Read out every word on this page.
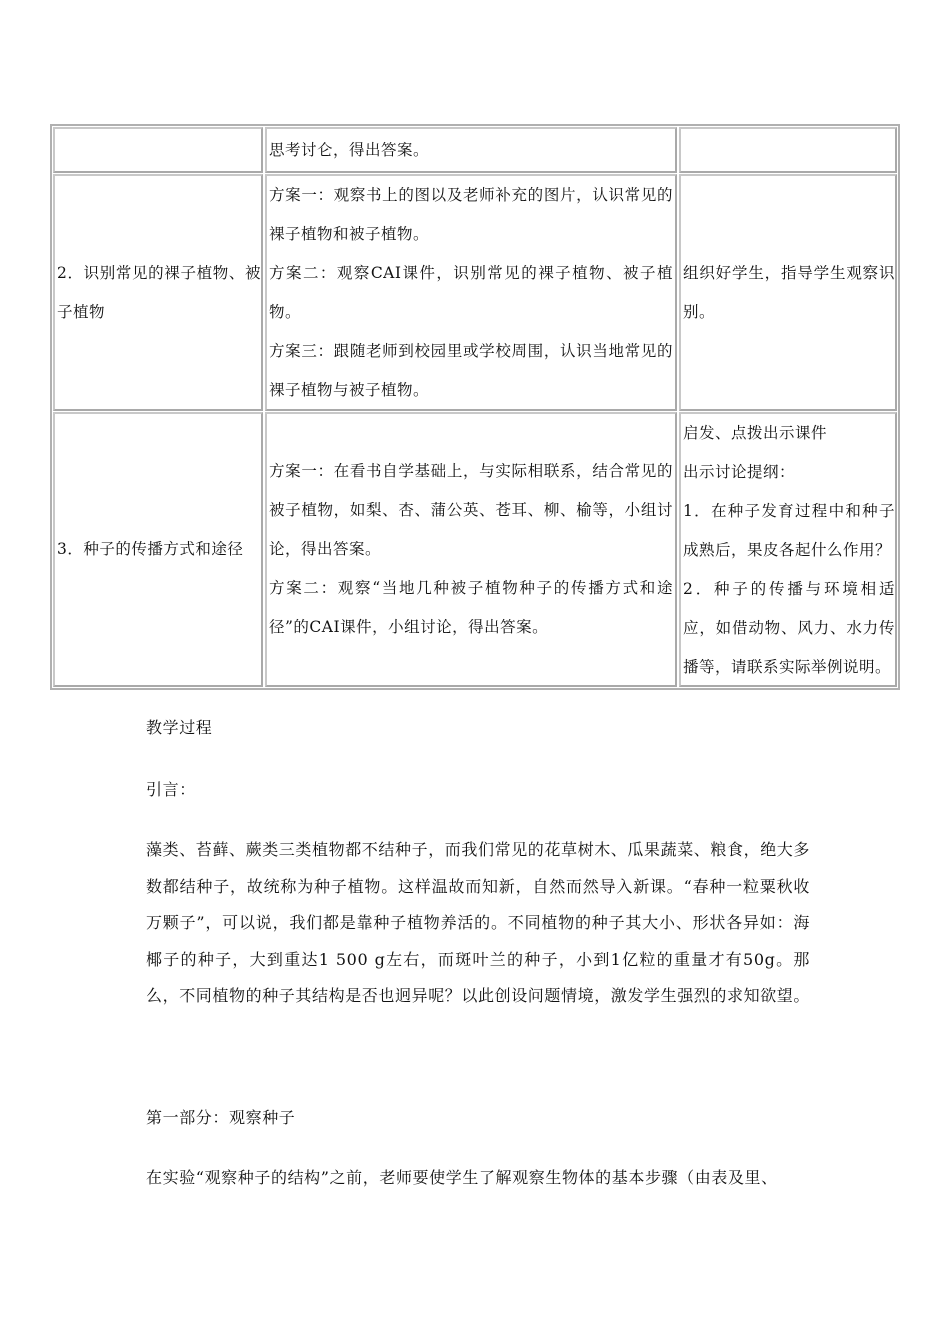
思考讨仑，得出答案。
2．识别常见的裸子植物、被子植物
方案一：观察书上的图以及老师补充的图片，认识常见的裸子植物和被子植物。
方案二：观察CAI课件，识别常见的裸子植物、被子植物。
方案三：跟随老师到校园里或学校周围，认识当地常见的裸子植物与被子植物。
组织好学生，指导学生观察识别。
3．种子的传播方式和途径
方案一：在看书自学基础上，与实际相联系，结合常见的被子植物，如梨、杏、蒲公英、苍耳、柳、榆等，小组讨论，得出答案。
方案二：观察“当地几种被子植物种子的传播方式和途径”的CAI课件，小组讨论，得出答案。
启发、点拨出示课件
出示讨论提纲：
1．在种子发育过程中和种子成熟后，果皮各起什么作用？
2．种子的传播与环境相适应，如借动物、风力、水力传播等，请联系实际举例说明。
教学过程
引言：
藻类、苔藓、蕨类三类植物都不结种子，而我们常见的花草树木、瓜果蔬菜、粮食，绝大多数都结种子，故统称为种子植物。这样温故而知新，自然而然导入新课。“春种一粒粟秋收万颗子”，可以说，我们都是靠种子植物养活的。不同植物的种子其大小、形状各异如：海椰子的种子，大到重达1 500 g左右，而斑叶兰的种子，小到1亿粒的重量才有50g。那么，不同植物的种子其结构是否也迥异呢？以此创设问题情境，激发学生强烈的求知欲望。
第一部分：观察种子
在实验“观察种子的结构”之前，老师要使学生了解观察生物体的基本步骤（由表及里、
